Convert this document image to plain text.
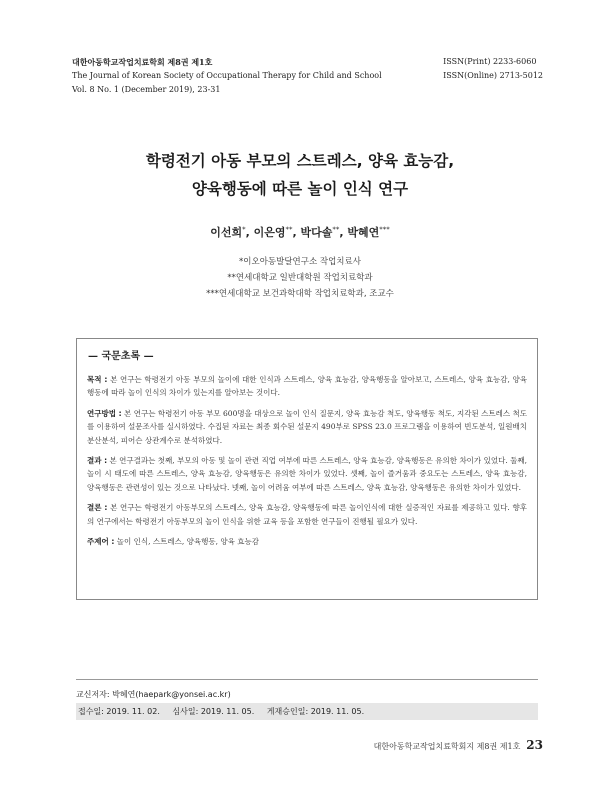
대한아동학교작업치료학회 제8권 제1호
The Journal of Korean Society of Occupational Therapy for Child and School
Vol. 8 No. 1 (December 2019), 23-31
ISSN(Print) 2233-6060
ISSN(Online) 2713-5012
학령전기 아동 부모의 스트레스, 양육 효능감,
양육행동에 따른 놀이 인식 연구
이선희*, 이은영**, 박다솔**, 박혜연***
*이오아동발달연구소 작업치료사
**연세대학교 일반대학원 작업치료학과
***연세대학교 보건과학대학 작업치료학과, 조교수
— 국문초록 —

목적 : 본 연구는 학령전기 아동 부모의 놀이에 대한 인식과 스트레스, 양육 효능감, 양육행동을 알아보고, 스트레스, 양육 효능감, 양육행동에 따라 놀이 인식의 차이가 있는지를 알아보는 것이다.

연구방법 : 본 연구는 학령전기 아동 부모 600명을 대상으로 놀이 인식 질문지, 양육 효능감 척도, 양육행동 척도, 지각된 스트레스 척도를 이용하여 설문조사를 실시하였다. 수집된 자료는 최종 회수된 설문지 490부로 SPSS 23.0 프로그램을 이용하여 빈도분석, 일원배치분산분석, 피어슨 상관계수로 분석하였다.

결과 : 본 연구결과는 첫째, 부모의 아동 및 놀이 관련 직업 여부에 따른 스트레스, 양육 효능감, 양육행동은 유의한 차이가 있었다. 둘째, 놀이 시 태도에 따른 스트레스, 양육 효능감, 양육행동은 유의한 차이가 있었다. 셋째, 놀이 즐거움과 중요도는 스트레스, 양육 효능감, 양육행동은 관련성이 있는 것으로 나타났다. 넷째, 놀이 어려움 여부에 따른 스트레스, 양육 효능감, 양육행동은 유의한 차이가 있었다.

결론 : 본 연구는 학령전기 아동부모의 스트레스, 양육 효능감, 양육행동에 따른 놀이인식에 대한 실증적인 자료를 제공하고 있다. 향후의 연구에서는 학령전기 아동부모의 놀이 인식을 위한 교육 등을 포함한 연구들이 진행될 필요가 있다.

주제어 : 놀이 인식, 스트레스, 양육행동, 양육 효능감

교신저자: 박혜연(haepark@yonsei.ac.kr)
접수일: 2019. 11. 02. 심사일: 2019. 11. 05. 게재승인일: 2019. 11. 05.
대한아동학교작업치료학회지 제8권 제1호 23
